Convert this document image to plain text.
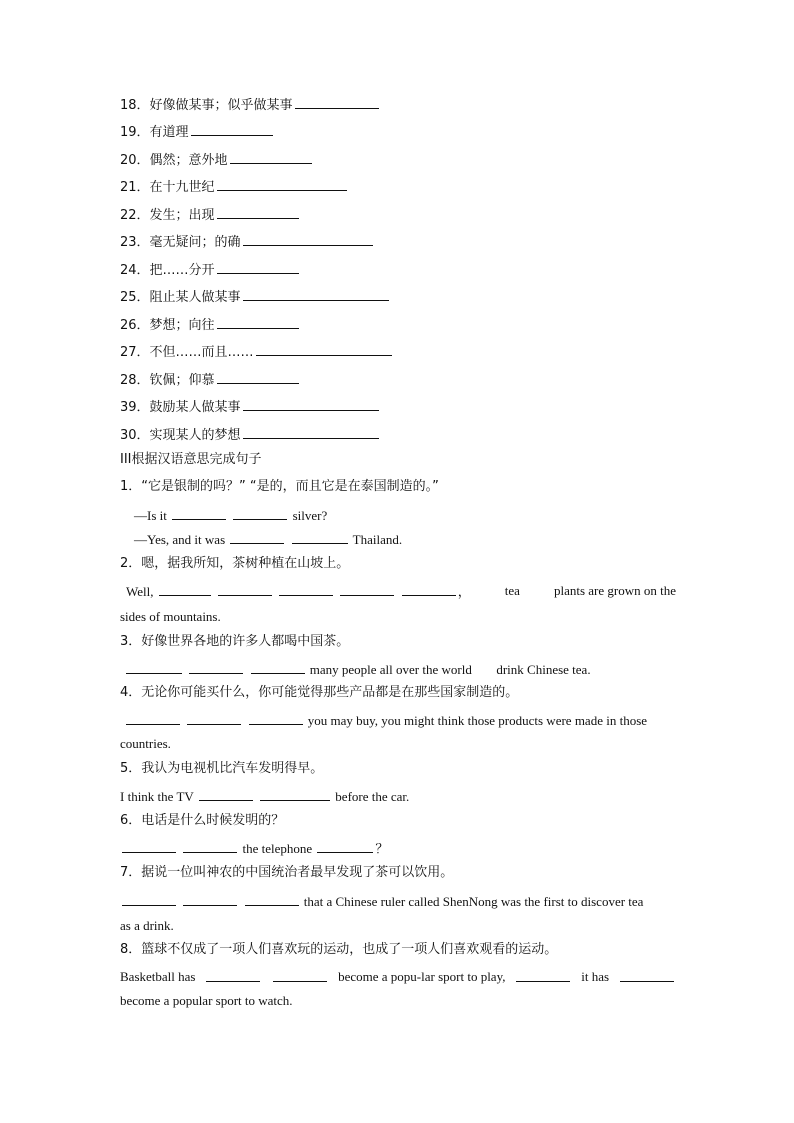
18．好像做某事；似乎做某事
19．有道理
20．偶然；意外地
21．在十九世纪
22．发生；出现
23．毫无疑问；的确
24．把……分开
25．阻止某人做某事
26．梦想；向往
27．不但……而且……
28．钦佩；仰慕
39．鼓励某人做某事
30．实现某人的梦想
III根据汉语意思完成句子
1．“它是银制的吗？” “是的，而且它是在泰国制造的。”
—Is it	silver?
—Yes, and it was	Thailand.
2．嗯，据我所知，茶树种植在山坡上。
Well,	，	tea	plants are grown on the
sides of mountains.
3．好像世界各地的许多人都喝中国茶。
many people all over the world drink Chinese tea.
4．无论你可能买什么，你可能觉得那些产品都是在那些国家制造的。
you may buy, you might think those products were made in those
countries.
5．我认为电视机比汽车发明得早。
I think the TV	before the car.
6．电话是什么时候发明的？
the telephone	？
7．据说一位叫神农的中国统治者最早发现了茶可以饮用。
that a Chinese ruler called ShenNong was the first to discover tea
as a drink.
8．篮球不仅成了一项人们喜欢玩的运动，也成了一项人们喜欢观看的运动。
Basketball has	become a popu-lar sport to play,	it has
become a popular sport to watch.
